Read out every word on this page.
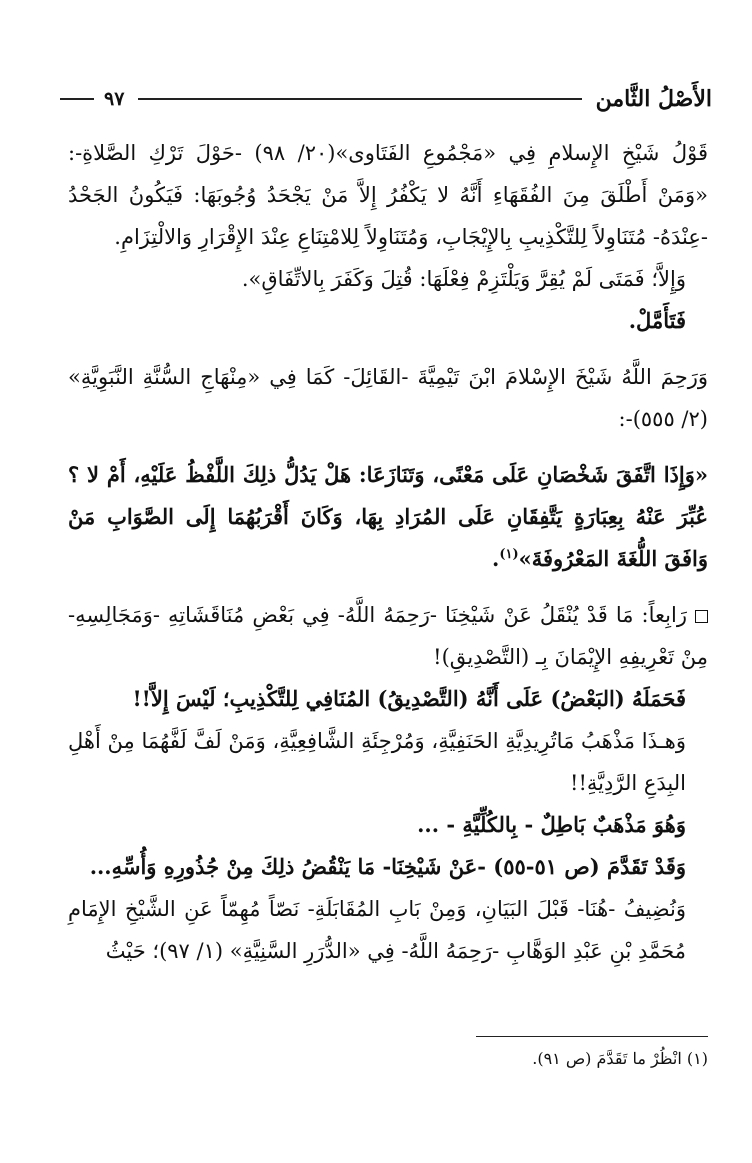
الأَصْلُ الثَّامن
٩٧

قَوْلُ شَيْخِ الإِسلامِ فِي «مَجْمُوعِ الفَتَاوى»(٢٠/ ٩٨) -حَوْلَ تَرْكِ الصَّلاةِ-: «وَمَنْ أَطْلَقَ مِنَ الفُقَهَاءِ أَنَّهُ لا يَكْفُرُ إِلاَّ مَنْ يَجْحَدُ وُجُوبَهَا: فَيَكُونُ الجَحْدُ -عِنْدَهُ- مُتَنَاوِلاً لِلتَّكْذِيبِ بِالإِيْجَابِ، وَمُتَنَاوِلاً لِلامْتِنَاعِ عِنْدَ الإِقْرَارِ وَالالْتِزَامِ.

وَإِلاَّ؛ فَمَتَى لَمْ يُقِرَّ وَيَلْتَزِمْ فِعْلَهَا: قُتِلَ وَكَفَرَ بِالاتِّفَاقِ».

فَتَأَمَّلْ.

وَرَحِمَ اللَّهُ شَيْخَ الإِسْلامَ ابْنَ تَيْمِيَّةَ -القَائِلَ- كَمَا فِي «مِنْهَاجِ السُّنَّةِ النَّبَوِيَّةِ» (٢/ ٥٥٥)-:

«وَإِذَا اتَّفَقَ شَخْصَانِ عَلَى مَعْنًى، وَتَنَازَعَا: هَلْ يَدُلُّ ذلِكَ اللَّفْظُ عَلَيْهِ، أَمْ لا ؟ عُبِّرَ عَنْهُ بِعِبَارَةٍ يَتَّفِقَانِ عَلَى المُرَادِ بِهَا، وَكَانَ أَقْرَبُهُمَا إِلَى الصَّوَابِ مَنْ وَافَقَ اللُّغَةَ المَعْرُوفَةَ»$^{(١)}$.

رَابِعاً: مَا قَدْ يُنْقَلُ عَنْ شَيْخِنَا -رَحِمَهُ اللَّهُ- فِي بَعْضِ مُنَاقَشَاتِهِ -وَمَجَالِسِهِ- مِنْ تَعْرِيفِهِ الإِيْمَانَ بِـ (التَّصْدِيقِ)!

فَحَمَلَهُ (البَعْضُ) عَلَى أَنَّهُ (التَّصْدِيقُ) المُنَافِي لِلتَّكْذِيبِ؛ لَيْسَ إِلاَّ!!

وَهـذَا مَذْهَبُ مَاتُرِيدِيَّةِ الحَنَفِيَّةِ، وَمُرْجِئَةِ الشَّافِعِيَّةِ، وَمَنْ لَفَّ لَفَّهُمَا مِنْ أَهْلِ البِدَعِ الرَّدِيَّةِ!!

وَهُوَ مَذْهَبٌ بَاطِلٌ - بِالكُلِّيَّةِ - ...

وَقَدْ تَقَدَّمَ (ص ٥١-٥٥) -عَنْ شَيْخِنَا- مَا يَنْقُضُ ذلِكَ مِنْ جُذُورِهِ وَأُسِّهِ...

وَنُضِيفُ -هُنَا- قَبْلَ البَيَانِ، وَمِنْ بَابِ المُقَابَلَةِ- نَصّاً مُهِمّاً عَنِ الشَّيْخِ الإِمَامِ مُحَمَّدِ بْنِ عَبْدِ الوَهَّابِ -رَحِمَهُ اللَّهُ- فِي «الدُّرَرِ السَّنِيَّةِ» (١/ ٩٧)؛ حَيْثُ

(١) انْظُرْ ما تَقَدَّمَ (ص ٩١).
